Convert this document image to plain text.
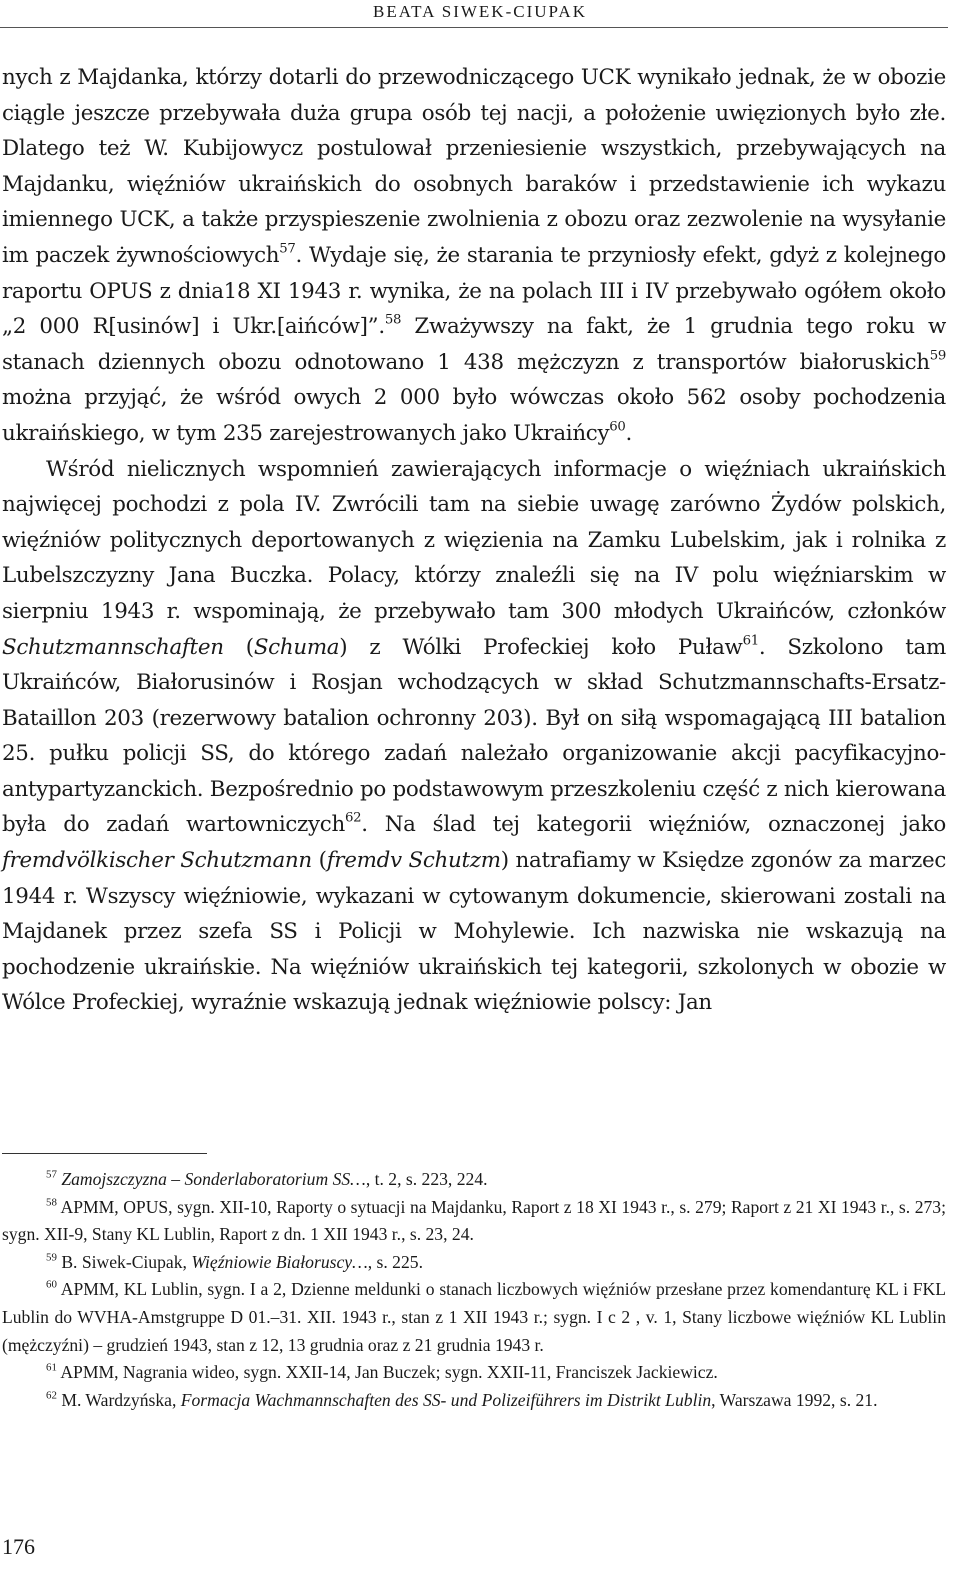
BEATA SIWEK-CIUPAK

nych z Majdanka, którzy dotarli do przewodniczącego UCK wynikało jednak, że w obozie ciągle jeszcze przebywała duża grupa osób tej nacji, a położenie uwięzionych było złe. Dlatego też W. Kubijowycz postulował przeniesienie wszystkich, przebywających na Majdanku, więźniów ukraińskich do osobnych baraków i przedstawienie ich wykazu imiennego UCK, a także przyspieszenie zwolnienia z obozu oraz zezwolenie na wysyłanie im paczek żywnościowych$^{57}$. Wydaje się, że starania te przyniosły efekt, gdyż z kolejnego raportu OPUS z dnia18 XI 1943 r. wynika, że na polach III i IV przebywało ogółem około „2 000 R[usinów] i Ukr.[aińców]”.$^{58}$ Zważywszy na fakt, że 1 grudnia tego roku w stanach dziennych obozu odnotowano 1 438 mężczyzn z transportów białoruskich$^{59}$ można przyjąć, że wśród owych 2 000 było wówczas około 562 osoby pochodzenia ukraińskiego, w tym 235 zarejestrowanych jako Ukraińcy$^{60}$.

Wśród nielicznych wspomnień zawierających informacje o więźniach ukraińskich najwięcej pochodzi z pola IV. Zwrócili tam na siebie uwagę zarówno Żydów polskich, więźniów politycznych deportowanych z więzienia na Zamku Lubelskim, jak i rolnika z Lubelszczyzny Jana Buczka. Polacy, którzy znaleźli się na IV polu więźniarskim w sierpniu 1943 r. wspominają, że przebywało tam 300 młodych Ukraińców, członków Schutzmannschaften (Schuma) z Wólki Profeckiej koło Puław$^{61}$. Szkolono tam Ukraińców, Białorusinów i Rosjan wchodzących w skład Schutzmannschafts-Ersatz-Bataillon 203 (rezerwowy batalion ochronny 203). Był on siłą wspomagającą III batalion 25. pułku policji SS, do którego zadań należało organizowanie akcji pacyfikacyjno-antypartyzanckich. Bezpośrednio po podstawowym przeszkoleniu część z nich kierowana była do zadań wartowniczych$^{62}$. Na ślad tej kategorii więźniów, oznaczonej jako fremdvölkischer Schutzmann (fremdv Schutzm) natrafiamy w Księdze zgonów za marzec 1944 r. Wszyscy więźniowie, wykazani w cytowanym dokumencie, skierowani zostali na Majdanek przez szefa SS i Policji w Mohylewie. Ich nazwiska nie wskazują na pochodzenie ukraińskie. Na więźniów ukraińskich tej kategorii, szkolonych w obozie w Wólce Profeckiej, wyraźnie wskazują jednak więźniowie polscy: Jan

$^{57}$ Zamojszczyzna – Sonderlaboratorium SS…, t. 2, s. 223, 224.

$^{58}$ APMM, OPUS, sygn. XII-10, Raporty o sytuacji na Majdanku, Raport z 18 XI 1943 r., s. 279; Raport z 21 XI 1943 r., s. 273; sygn. XII-9, Stany KL Lublin, Raport z dn. 1 XII 1943 r., s. 23, 24.

$^{59}$ B. Siwek-Ciupak, Więźniowie Białoruscy…, s. 225.

$^{60}$ APMM, KL Lublin, sygn. I a 2, Dzienne meldunki o stanach liczbowych więźniów przesłane przez komendanturę KL i FKL Lublin do WVHA-Amstgruppe D 01.–31. XII. 1943 r., stan z 1 XII 1943 r.; sygn. I c 2 , v. 1, Stany liczbowe więźniów KL Lublin (mężczyźni) – grudzień 1943, stan z 12, 13 grudnia oraz z 21 grudnia 1943 r.

$^{61}$ APMM, Nagrania wideo, sygn. XXII-14, Jan Buczek; sygn. XXII-11, Franciszek Jackiewicz.

$^{62}$ M. Wardzyńska, Formacja Wachmannschaften des SS- und Polizeiführers im Distrikt Lublin, Warszawa 1992, s. 21.

176
